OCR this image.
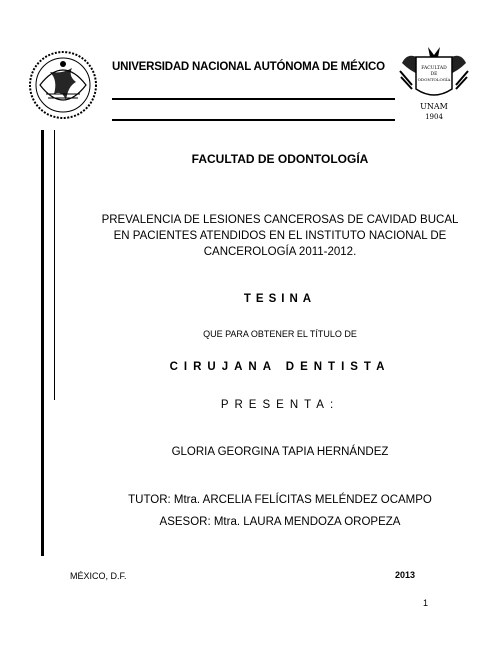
FACULTAD
DE
ODONTOLOGÍA
UNAM
1904
UNIVERSIDAD NACIONAL AUTÓNOMA DE MÉXICO
FACULTAD DE ODONTOLOGÍA
PREVALENCIA DE LESIONES CANCEROSAS DE CAVIDAD BUCAL
EN PACIENTES ATENDIDOS EN EL INSTITUTO NACIONAL DE
CANCEROLOGÍA 2011-2012.
TESINA
QUE PARA OBTENER EL TÍTULO DE
CIRUJANA DENTISTA
PRESENTA:
GLORIA GEORGINA TAPIA HERNÁNDEZ
TUTOR: Mtra. ARCELIA FELÍCITAS MELÉNDEZ OCAMPO
ASESOR: Mtra. LAURA MENDOZA OROPEZA
MÉXICO, D.F.	2013
1
